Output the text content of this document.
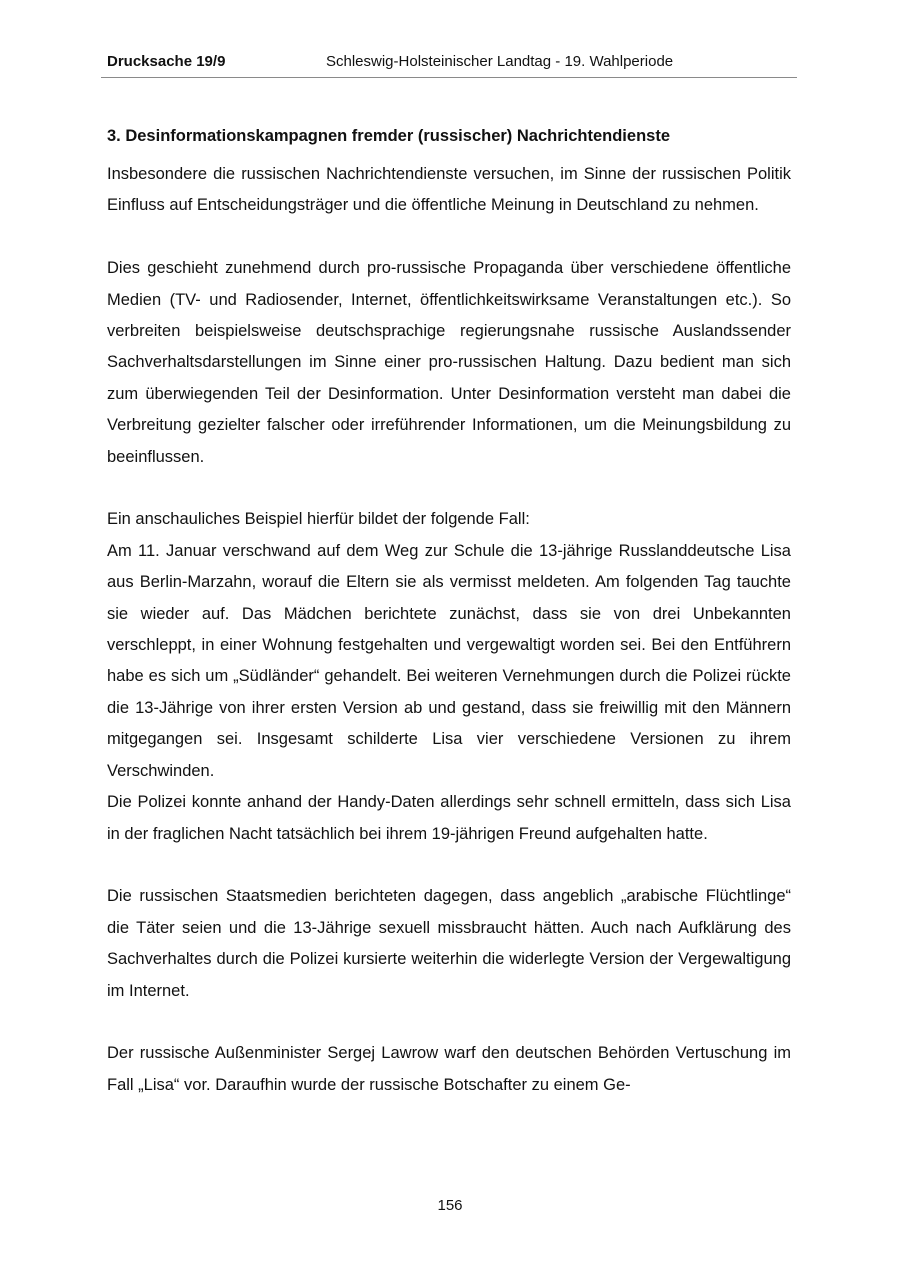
Drucksache 19/9	Schleswig-Holsteinischer Landtag - 19. Wahlperiode
3. Desinformationskampagnen fremder (russischer) Nachrichtendienste

Insbesondere die russischen Nachrichtendienste versuchen, im Sinne der russischen Politik Einfluss auf Entscheidungsträger und die öffentliche Meinung in Deutschland zu nehmen.

Dies geschieht zunehmend durch pro-russische Propaganda über verschiedene öffentliche Medien (TV- und Radiosender, Internet, öffentlichkeitswirksame Veranstaltungen etc.). So verbreiten beispielsweise deutschsprachige regierungsnahe russische Auslandssender Sachverhaltsdarstellungen im Sinne einer pro-russischen Haltung. Dazu bedient man sich zum überwiegenden Teil der Desinformation. Unter Desinformation versteht man dabei die Verbreitung gezielter falscher oder irreführender Informationen, um die Meinungsbildung zu beeinflussen.

Ein anschauliches Beispiel hierfür bildet der folgende Fall:

Am 11. Januar verschwand auf dem Weg zur Schule die 13-jährige Russlanddeutsche Lisa aus Berlin-Marzahn, worauf die Eltern sie als vermisst meldeten. Am folgenden Tag tauchte sie wieder auf. Das Mädchen berichtete zunächst, dass sie von drei Unbekannten verschleppt, in einer Wohnung festgehalten und vergewaltigt worden sei. Bei den Entführern habe es sich um „Südländer“ gehandelt. Bei weiteren Vernehmungen durch die Polizei rückte die 13-Jährige von ihrer ersten Version ab und gestand, dass sie freiwillig mit den Männern mitgegangen sei. Insgesamt schilderte Lisa vier verschiedene Versionen zu ihrem Verschwinden.

Die Polizei konnte anhand der Handy-Daten allerdings sehr schnell ermitteln, dass sich Lisa in der fraglichen Nacht tatsächlich bei ihrem 19-jährigen Freund aufgehalten hatte.

Die russischen Staatsmedien berichteten dagegen, dass angeblich „arabische Flüchtlinge“ die Täter seien und die 13-Jährige sexuell missbraucht hätten. Auch nach Aufklärung des Sachverhaltes durch die Polizei kursierte weiterhin die widerlegte Version der Vergewaltigung im Internet.

Der russische Außenminister Sergej Lawrow warf den deutschen Behörden Vertuschung im Fall „Lisa“ vor. Daraufhin wurde der russische Botschafter zu einem Ge-

156
